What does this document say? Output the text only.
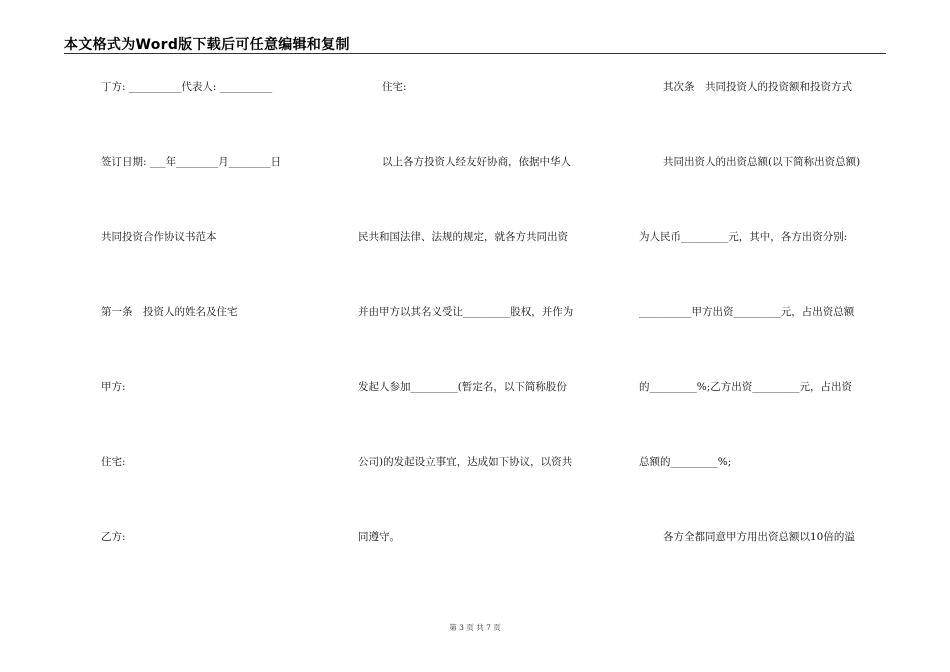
本文格式为Word版下载后可任意编辑和复制
丁方: __________代表人: __________
签订日期: ___年________月________日
共同投资合作协议书范本
第一条　投资人的姓名及住宅
甲方:
住宅:
乙方:
住宅:
以上各方投资人经友好协商，依据中华人
民共和国法律、法规的规定，就各方共同出资
并由甲方以其名义受让_________股权，并作为
发起人参加_________(暂定名，以下简称股份
公司)的发起设立事宜，达成如下协议，以资共
同遵守。
其次条　共同投资人的投资额和投资方式
共同出资人的出资总额(以下简称出资总额)
为人民币_________元，其中，各方出资分别:
__________甲方出资_________元，占出资总额
的_________%;乙方出资_________元，占出资
总额的_________%;
各方全都同意甲方用出资总额以10倍的溢
第 3 页 共 7 页
